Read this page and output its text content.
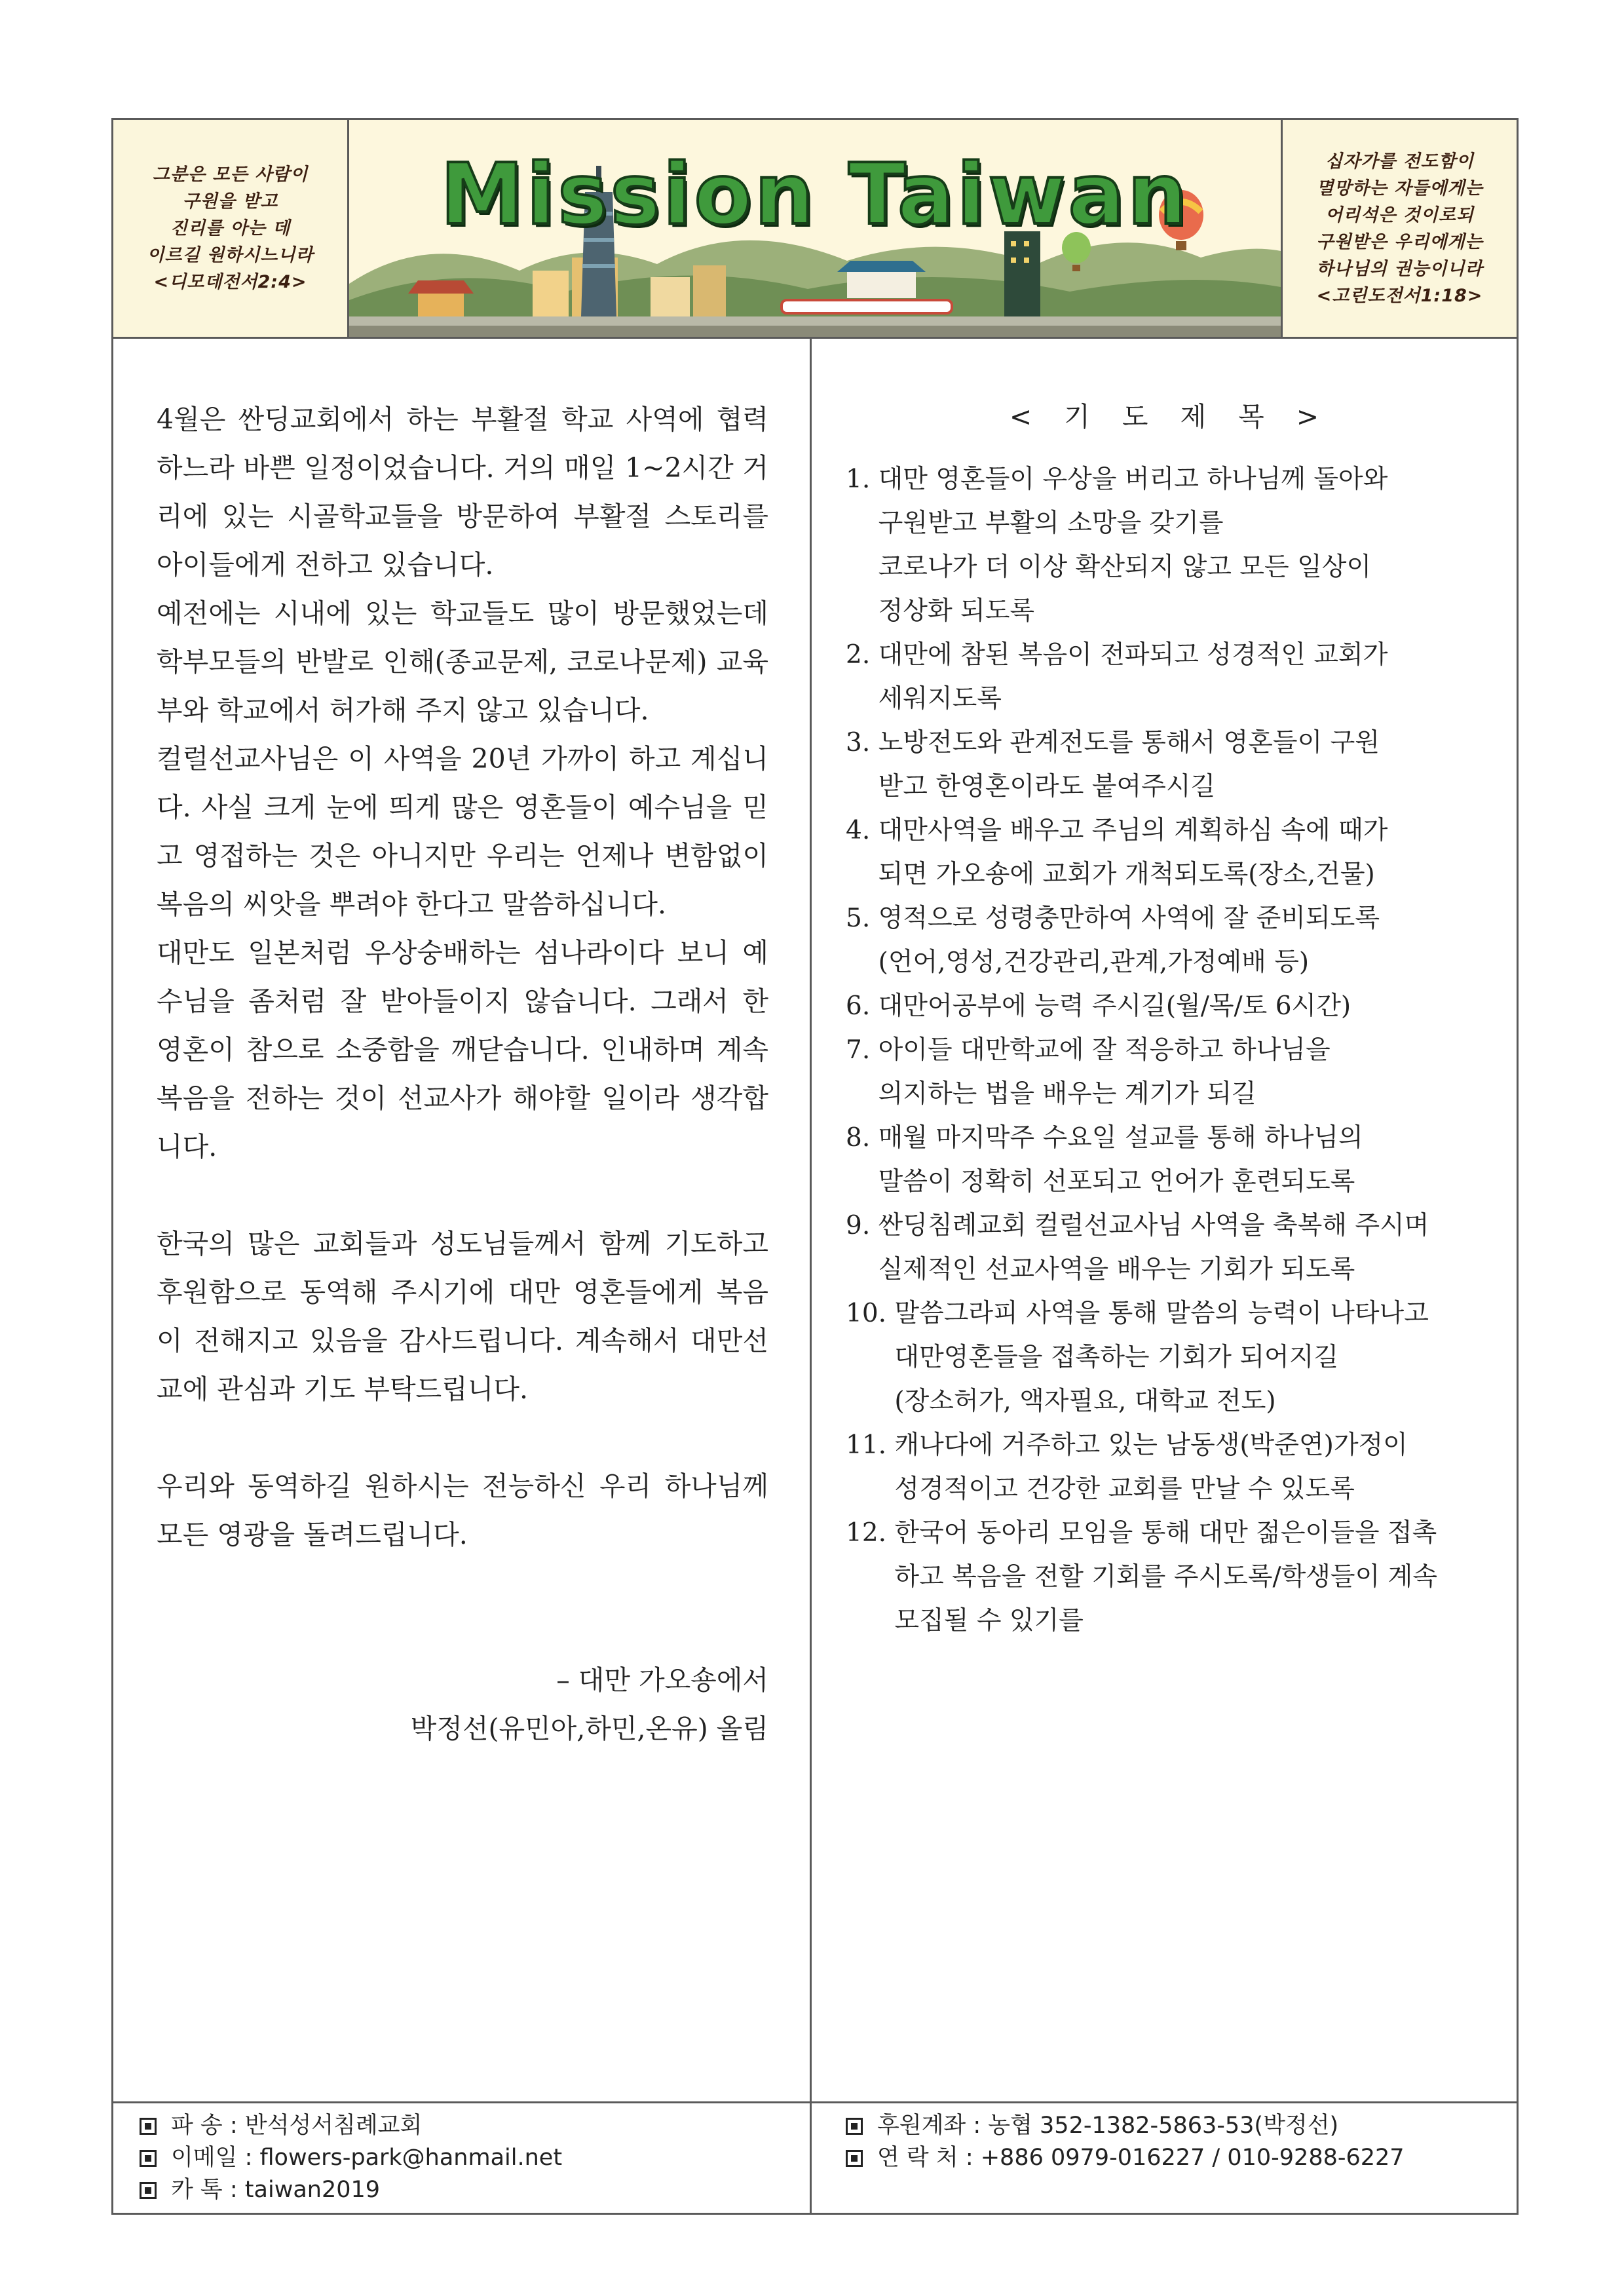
그분은 모든 사람이
구원을 받고
진리를 아는 데
이르길 원하시느니라
<디모데전서2:4>
Mission Taiwan	십자가를 전도함이
멸망하는 자들에게는
어리석은 것이로되
구원받은 우리에게는
하나님의 권능이니라
<고린도전서1:18>

4월은 싼딩교회에서 하는 부활절 학교 사역에 협력하느라 바쁜 일정이었습니다. 거의 매일 1~2시간 거리에 있는 시골학교들을 방문하여 부활절 스토리를 아이들에게 전하고 있습니다.

예전에는 시내에 있는 학교들도 많이 방문했었는데 학부모들의 반발로 인해(종교문제, 코로나문제) 교육부와 학교에서 허가해 주지 않고 있습니다.

컬럴선교사님은 이 사역을 20년 가까이 하고 계십니다. 사실 크게 눈에 띄게 많은 영혼들이 예수님을 믿고 영접하는 것은 아니지만 우리는 언제나 변함없이 복음의 씨앗을 뿌려야 한다고 말씀하십니다.

대만도 일본처럼 우상숭배하는 섬나라이다 보니 예수님을 좀처럼 잘 받아들이지 않습니다. 그래서 한 영혼이 참으로 소중함을 깨닫습니다. 인내하며 계속 복음을 전하는 것이 선교사가 해야할 일이라 생각합니다.

한국의 많은 교회들과 성도님들께서 함께 기도하고 후원함으로 동역해 주시기에 대만 영혼들에게 복음이 전해지고 있음을 감사드립니다. 계속해서 대만선교에 관심과 기도 부탁드립니다.

우리와 동역하길 원하시는 전능하신 우리 하나님께 모든 영광을 돌려드립니다.

– 대만 가오숑에서

박정선(유민아,하민,온유) 올림

< 기 도 제 목 >
1. 대만 영혼들이 우상을 버리고 하나님께 돌아와
구원받고 부활의 소망을 갖기를
코로나가 더 이상 확산되지 않고 모든 일상이
정상화 되도록
2. 대만에 참된 복음이 전파되고 성경적인 교회가
세워지도록
3. 노방전도와 관계전도를 통해서 영혼들이 구원
받고 한영혼이라도 붙여주시길
4. 대만사역을 배우고 주님의 계획하심 속에 때가
되면 가오숑에 교회가 개척되도록(장소,건물)
5. 영적으로 성령충만하여 사역에 잘 준비되도록
(언어,영성,건강관리,관계,가정예배 등)
6. 대만어공부에 능력 주시길(월/목/토 6시간)
7. 아이들 대만학교에 잘 적응하고 하나님을
의지하는 법을 배우는 계기가 되길
8. 매월 마지막주 수요일 설교를 통해 하나님의
말씀이 정확히 선포되고 언어가 훈련되도록
9. 싼딩침례교회 컬럴선교사님 사역을 축복해 주시며
실제적인 선교사역을 배우는 기회가 되도록
10. 말씀그라피 사역을 통해 말씀의 능력이 나타나고
대만영혼들을 접촉하는 기회가 되어지길
(장소허가, 액자필요, 대학교 전도)
11. 캐나다에 거주하고 있는 남동생(박준연)가정이
성경적이고 건강한 교회를 만날 수 있도록
12. 한국어 동아리 모임을 통해 대만 젊은이들을 접촉
하고 복음을 전할 기회를 주시도록/학생들이 계속
모집될 수 있기를
파 송 : 반석성서침례교회
이메일 : flowers-park@hanmail.net
카 톡 : taiwan2019
후원계좌 : 농협 352-1382-5863-53(박정선)
연 락 처 : +886 0979-016227 / 010-9288-6227
